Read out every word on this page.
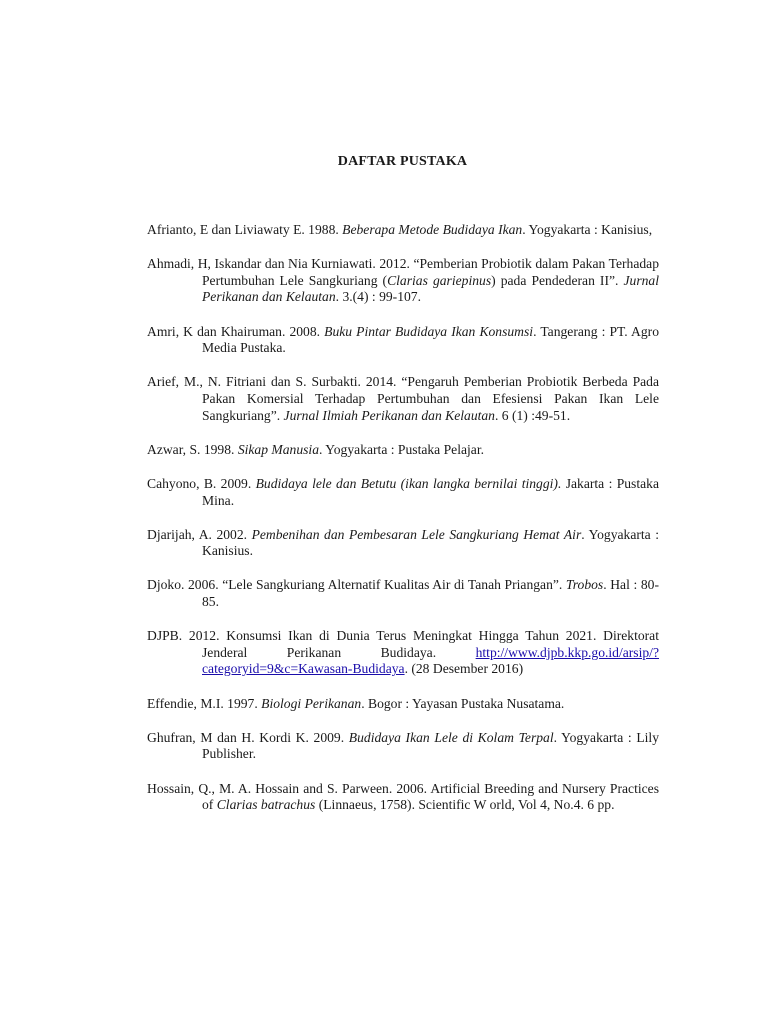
DAFTAR PUSTAKA
Afrianto, E dan Liviawaty E. 1988. Beberapa Metode Budidaya Ikan. Yogyakarta : Kanisius,
Ahmadi, H, Iskandar dan Nia Kurniawati. 2012. “Pemberian Probiotik dalam Pakan Terhadap Pertumbuhan Lele Sangkuriang (Clarias gariepinus) pada Pendederan II”. Jurnal Perikanan dan Kelautan. 3.(4) : 99-107.
Amri, K dan Khairuman. 2008. Buku Pintar Budidaya Ikan Konsumsi. Tangerang : PT. Agro Media Pustaka.
Arief, M., N. Fitriani dan S. Surbakti. 2014. “Pengaruh Pemberian Probiotik Berbeda Pada Pakan Komersial Terhadap Pertumbuhan dan Efesiensi Pakan Ikan Lele Sangkuriang”. Jurnal Ilmiah Perikanan dan Kelautan. 6 (1) :49-51.
Azwar, S. 1998. Sikap Manusia. Yogyakarta : Pustaka Pelajar.
Cahyono, B. 2009. Budidaya lele dan Betutu (ikan langka bernilai tinggi). Jakarta : Pustaka Mina.
Djarijah, A. 2002. Pembenihan dan Pembesaran Lele Sangkuriang Hemat Air. Yogyakarta : Kanisius.
Djoko. 2006. “Lele Sangkuriang Alternatif Kualitas Air di Tanah Priangan”. Trobos. Hal : 80-85.
DJPB. 2012. Konsumsi Ikan di Dunia Terus Meningkat Hingga Tahun 2021. Direktorat Jenderal Perikanan Budidaya. http://www.djpb.kkp.go.id/arsip/?categoryid=9&c=Kawasan-Budidaya. (28 Desember 2016)
Effendie, M.I. 1997. Biologi Perikanan. Bogor : Yayasan Pustaka Nusatama.
Ghufran, M dan H. Kordi K. 2009. Budidaya Ikan Lele di Kolam Terpal. Yogyakarta : Lily Publisher.
Hossain, Q., M. A. Hossain and S. Parween. 2006. Artificial Breeding and Nursery Practices of Clarias batrachus (Linnaeus, 1758). Scientific W orld, Vol 4, No.4. 6 pp.
